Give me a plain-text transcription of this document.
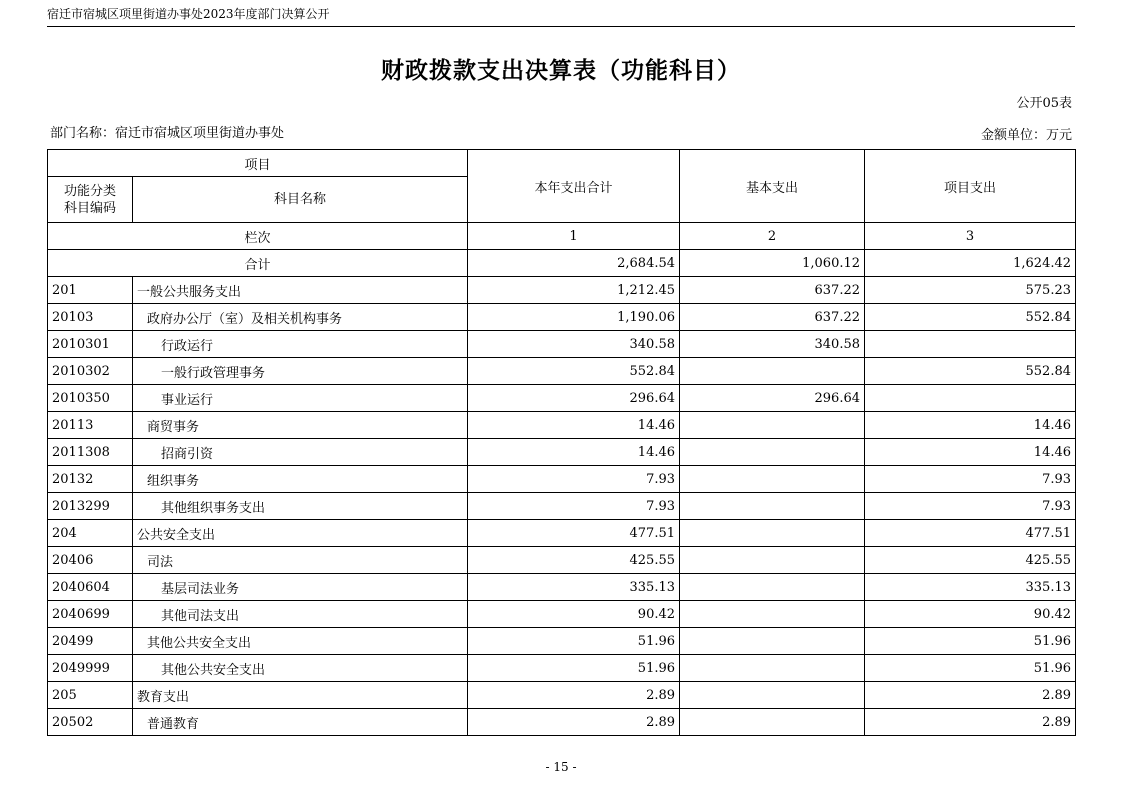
宿迁市宿城区项里街道办事处2023年度部门决算公开
财政拨款支出决算表（功能科目）
公开05表
部门名称：宿迁市宿城区项里街道办事处	金额单位：万元
项目		本年支出合计	基本支出	项目支出
功能分类
科目编码	科目名称			
栏次		1	2	3
合计		2,684.54	1,060.12	1,624.42
201	一般公共服务支出	1,212.45	637.22	575.23
20103	政府办公厅（室）及相关机构事务	1,190.06	637.22	552.84
2010301	行政运行	340.58	340.58	
2010302	一般行政管理事务	552.84		552.84
2010350	事业运行	296.64	296.64	
20113	商贸事务	14.46		14.46
2011308	招商引资	14.46		14.46
20132	组织事务	7.93		7.93
2013299	其他组织事务支出	7.93		7.93
204	公共安全支出	477.51		477.51
20406	司法	425.55		425.55
2040604	基层司法业务	335.13		335.13
2040699	其他司法支出	90.42		90.42
20499	其他公共安全支出	51.96		51.96
2049999	其他公共安全支出	51.96		51.96
205	教育支出	2.89		2.89
20502	普通教育	2.89		2.89
- 15 -
